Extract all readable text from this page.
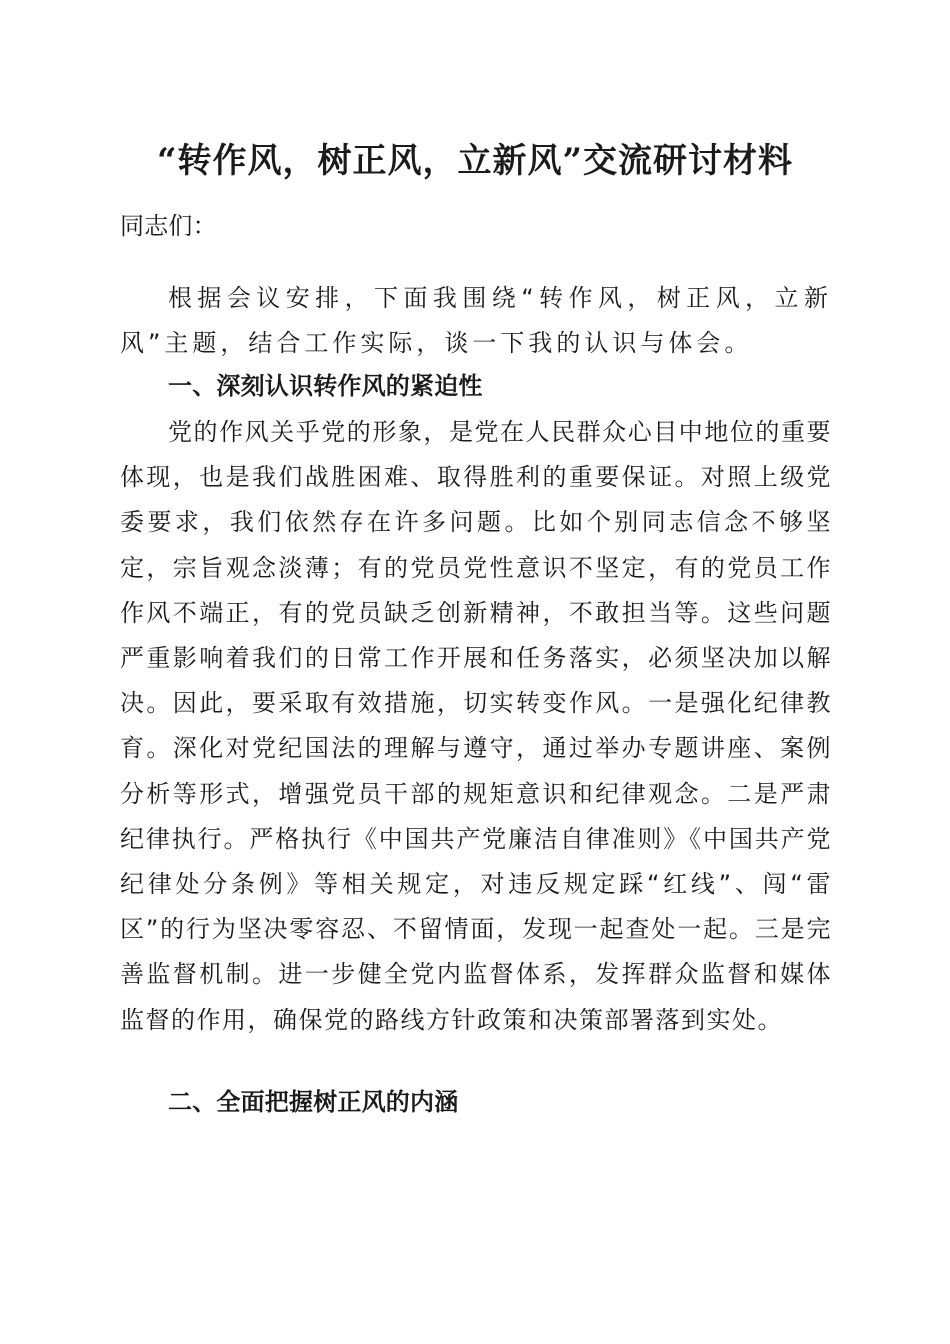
“转作风，树正风，立新风”交流研讨材料

同志们：

根据会议安排，下面我围绕“转作风，树正风，立新风”主题，结合工作实际，谈一下我的认识与体会。

一、深刻认识转作风的紧迫性

党的作风关乎党的形象，是党在人民群众心目中地位的重要体现，也是我们战胜困难、取得胜利的重要保证。对照上级党委要求，我们依然存在许多问题。比如个别同志信念不够坚定，宗旨观念淡薄；有的党员党性意识不坚定，有的党员工作作风不端正，有的党员缺乏创新精神，不敢担当等。这些问题严重影响着我们的日常工作开展和任务落实，必须坚决加以解决。因此，要采取有效措施，切实转变作风。一是强化纪律教育。深化对党纪国法的理解与遵守，通过举办专题讲座、案例分析等形式，增强党员干部的规矩意识和纪律观念。二是严肃纪律执行。严格执行《中国共产党廉洁自律准则》《中国共产党纪律处分条例》等相关规定，对违反规定踩“红线”、闯“雷区”的行为坚决零容忍、不留情面，发现一起查处一起。三是完善监督机制。进一步健全党内监督体系，发挥群众监督和媒体监督的作用，确保党的路线方针政策和决策部署落到实处。

二、全面把握树正风的内涵
